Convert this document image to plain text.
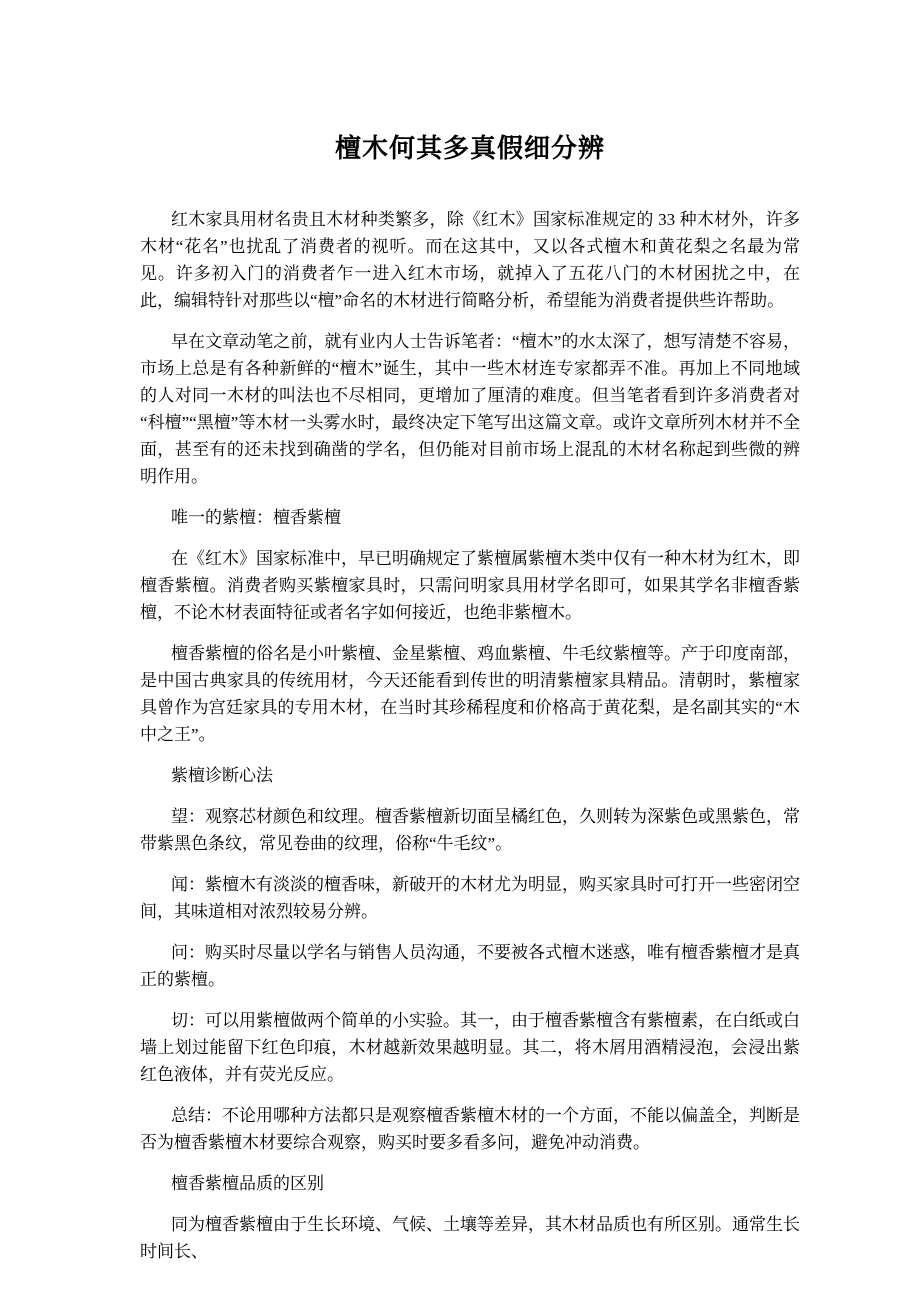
檀木何其多真假细分辨

红木家具用材名贵且木材种类繁多，除《红木》国家标准规定的 33 种木材外，许多木材“花名”也扰乱了消费者的视听。而在这其中，又以各式檀木和黄花梨之名最为常见。许多初入门的消费者乍一进入红木市场，就掉入了五花八门的木材困扰之中，在此，编辑特针对那些以“檀”命名的木材进行简略分析，希望能为消费者提供些许帮助。

早在文章动笔之前，就有业内人士告诉笔者：“檀木”的水太深了，想写清楚不容易，市场上总是有各种新鲜的“檀木”诞生，其中一些木材连专家都弄不准。再加上不同地域的人对同一木材的叫法也不尽相同，更增加了厘清的难度。但当笔者看到许多消费者对“科檀”“黑檀”等木材一头雾水时，最终决定下笔写出这篇文章。或许文章所列木材并不全面，甚至有的还未找到确凿的学名，但仍能对目前市场上混乱的木材名称起到些微的辨明作用。

唯一的紫檀：檀香紫檀

在《红木》国家标准中，早已明确规定了紫檀属紫檀木类中仅有一种木材为红木，即檀香紫檀。消费者购买紫檀家具时，只需问明家具用材学名即可，如果其学名非檀香紫檀，不论木材表面特征或者名字如何接近，也绝非紫檀木。

檀香紫檀的俗名是小叶紫檀、金星紫檀、鸡血紫檀、牛毛纹紫檀等。产于印度南部，是中国古典家具的传统用材，今天还能看到传世的明清紫檀家具精品。清朝时，紫檀家具曾作为宫廷家具的专用木材，在当时其珍稀程度和价格高于黄花梨，是名副其实的“木中之王”。

紫檀诊断心法

望：观察芯材颜色和纹理。檀香紫檀新切面呈橘红色，久则转为深紫色或黑紫色，常带紫黑色条纹，常见卷曲的纹理，俗称“牛毛纹”。

闻：紫檀木有淡淡的檀香味，新破开的木材尤为明显，购买家具时可打开一些密闭空间，其味道相对浓烈较易分辨。

问：购买时尽量以学名与销售人员沟通，不要被各式檀木迷惑，唯有檀香紫檀才是真正的紫檀。

切：可以用紫檀做两个简单的小实验。其一，由于檀香紫檀含有紫檀素，在白纸或白墙上划过能留下红色印痕，木材越新效果越明显。其二，将木屑用酒精浸泡，会浸出紫红色液体，并有荧光反应。

总结：不论用哪种方法都只是观察檀香紫檀木材的一个方面，不能以偏盖全，判断是否为檀香紫檀木材要综合观察，购买时要多看多问，避免冲动消费。

檀香紫檀品质的区别

同为檀香紫檀由于生长环境、气候、土壤等差异，其木材品质也有所区别。通常生长时间长、
